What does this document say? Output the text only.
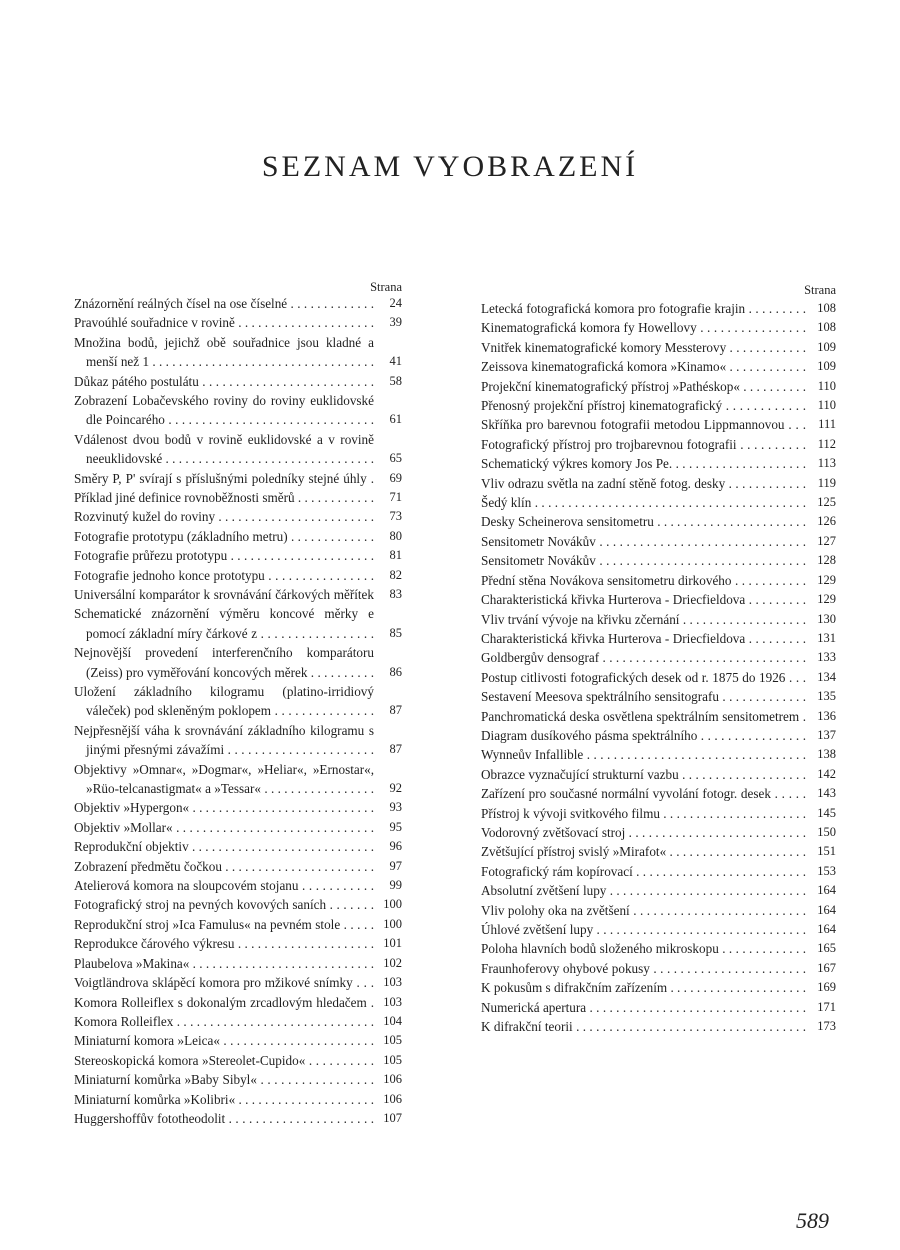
SEZNAM VYOBRAZENÍ
Strana
Znázornění reálných čísel na ose číselné . . .	24
Pravoúhlé souřadnice v rovině . . .	39
Množina bodů, jejichž obě souřadnice jsou kladné a menší než 1 . . .	41
Důkaz pátého postulátu . . .	58
Zobrazení Lobačevského roviny do roviny euklidovské dle Poincarého . . .	61
Vdálenost dvou bodů v rovině euklidovské a v rovině neeuklidovské . . .	65
Směry P, P' svírají s příslušnými poledníky stejné úhly . . .	69
Příklad jiné definice rovnoběžnosti směrů . . .	71
Rozvinutý kužel do roviny . . .	73
Fotografie prototypu (základního metru) . . .	80
Fotografie průřezu prototypu . . .	81
Fotografie jednoho konce prototypu . . .	82
Universální komparátor k srovnávání čárkových měřítek . . .	83
Schematické znázornění výměru koncové měrky e pomocí základní míry čárkové z . . .	85
Nejnovější provedení interferenčního komparátoru (Zeiss) pro vyměřování koncových měrek . . .	86
Uložení základního kilogramu (platino-irridiový váleček) pod skleněným poklopem . . .	87
Nejpřesnější váha k srovnávání základního kilogramu s jinými přesnými závažími . . .	87
Objektivy »Omnar«, »Dogmar«, »Heliar«, »Ernostar«, »Rüo-telcanastigmat« a »Tessar« . . .	92
Objektiv »Hypergon« . . .	93
Objektiv »Mollar« . . .	95
Reprodukční objektiv . . .	96
Zobrazení předmětu čočkou . . .	97
Atelierová komora na sloupcovém stojanu . . .	99
Fotografický stroj na pevných kovových saních . . .	100
Reprodukční stroj »Ica Famulus« na pevném stole . . .	100
Reprodukce čárového výkresu . . .	101
Plaubelova »Makina« . . .	102
Voigtländrova sklápěcí komora pro mžikové snímky . . .	103
Komora Rolleiflex s dokonalým zrcadlovým hledačem . . .	103
Komora Rolleiflex . . .	104
Miniaturní komora »Leica« . . .	105
Stereoskopická komora »Stereolet-Cupido« . . .	105
Miniaturní komůrka »Baby Sibyl« . . .	106
Miniaturní komůrka »Kolibri« . . .	106
Huggershoffův fototheodolit . . .	107
Strana
Letecká fotografická komora pro fotografie krajin . . .	108
Kinematografická komora fy Howellovy . . .	108
Vnitřek kinematografické komory Messterovy . . .	109
Zeissova kinematografická komora »Kinamo« . . .	109
Projekční kinematografický přístroj »Pathéskop« . . .	110
Přenosný projekční přístroj kinematografický . . .	110
Skříňka pro barevnou fotografii metodou Lippmannovou . . .	111
Fotografický přístroj pro trojbarevnou fotografii . . .	112
Schematický výkres komory Jos Pe. . . .	113
Vliv odrazu světla na zadní stěně fotog. desky . . .	119
Šedý klín . . .	125
Desky Scheinerova sensitometru . . .	126
Sensitometr Novákův . . .	127
Sensitometr Novákův . . .	128
Přední stěna Novákova sensitometru dirkového . . .	129
Charakteristická křivka Hurterova - Driecfieldova . . .	129
Vliv trvání vývoje na křivku zčernání . . .	130
Charakteristická křivka Hurterova - Driecfieldova . . .	131
Goldbergův densograf . . .	133
Postup citlivosti fotografických desek od r. 1875 do 1926 . . .	134
Sestavení Meesova spektrálního sensitografu . . .	135
Panchromatická deska osvětlena spektrálním sensitometrem . . .	136
Diagram dusíkového pásma spektrálního . . .	137
Wynneův Infallible . . .	138
Obrazce vyznačující strukturní vazbu . . .	142
Zařízení pro současné normální vyvolání fotogr. desek . . .	143
Přístroj k vývoji svitkového filmu . . .	145
Vodorovný zvětšovací stroj . . .	150
Zvětšující přístroj svislý »Mirafot« . . .	151
Fotografický rám kopírovací . . .	153
Absolutní zvětšení lupy . . .	164
Vliv polohy oka na zvětšení . . .	164
Úhlové zvětšení lupy . . .	164
Poloha hlavních bodů složeného mikroskopu . . .	165
Fraunhoferovy ohybové pokusy . . .	167
K pokusům s difrakčním zařízením . . .	169
Numerická apertura . . .	171
K difrakční teorii . . .	173
589
